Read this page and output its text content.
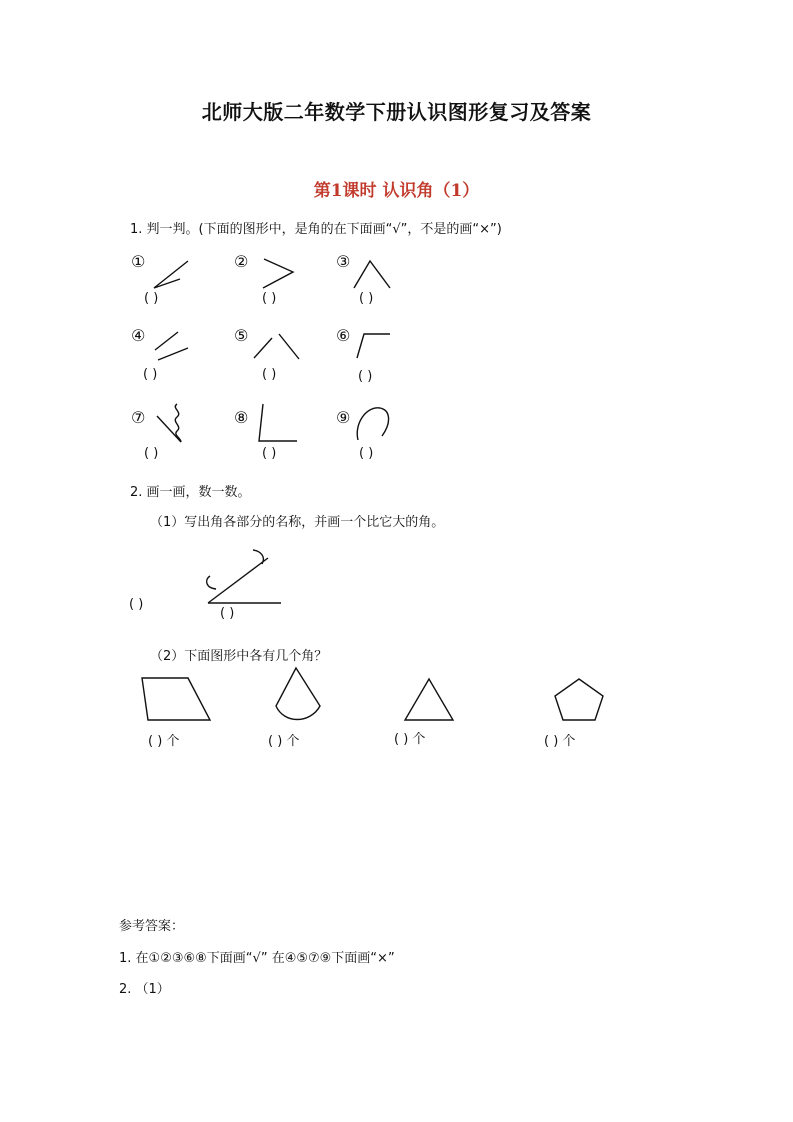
北师大版二年数学下册认识图形复习及答案
第1课时 认识角（1）
1. 判一判。(下面的图形中，是角的在下面画“√”，不是的画“×”)
①
( )
②
( )
③
( )
④
( )
⑤
( )
⑥
( )
⑦
( )
⑧
( )
⑨
( )
2. 画一画，数一数。
（1）写出角各部分的名称，并画一个比它大的角。
( )
( )
（2）下面图形中各有几个角？
( ) 个	( ) 个	( ) 个	( ) 个
参考答案：
1. 在①②③⑥⑧下面画“√” 在④⑤⑦⑨下面画“×”
2. （1）
